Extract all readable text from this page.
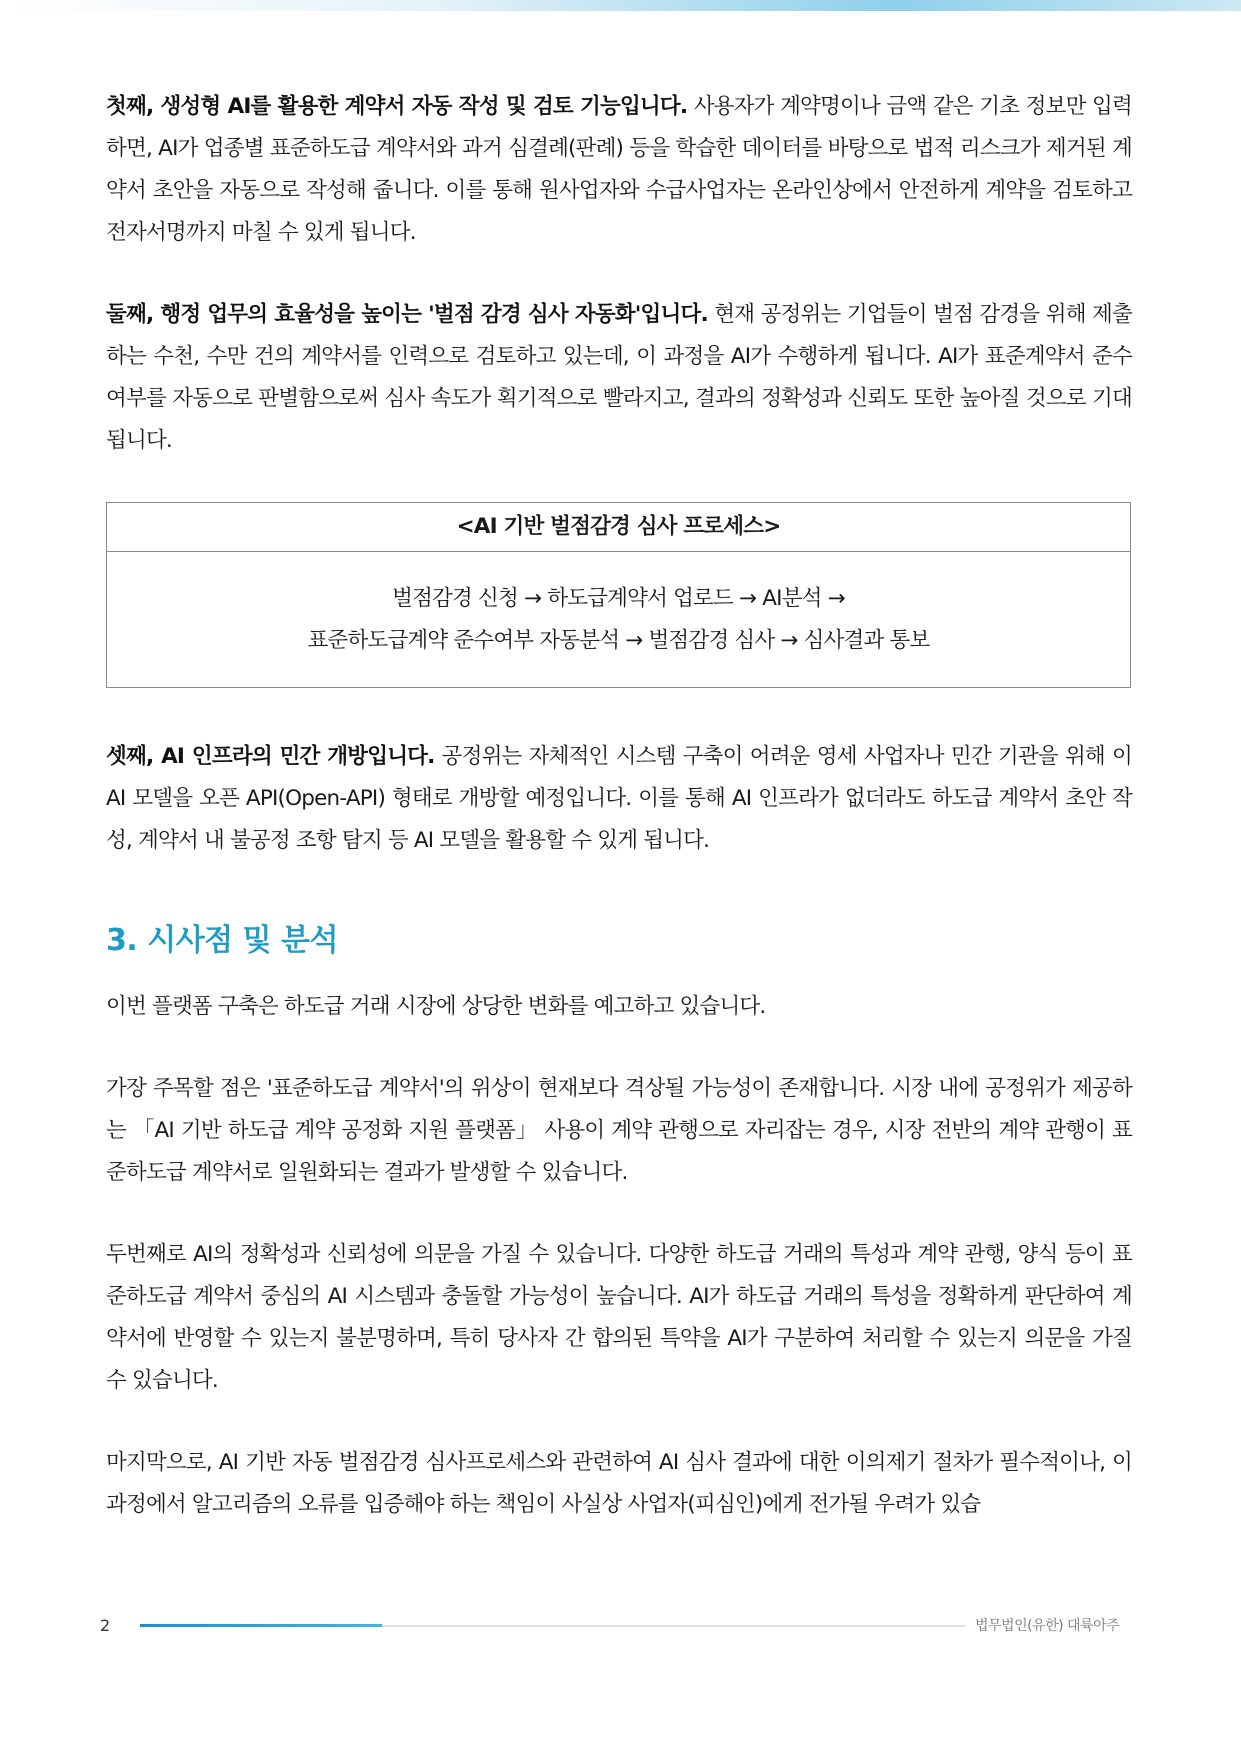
첫째, 생성형 AI를 활용한 계약서 자동 작성 및 검토 기능입니다. 사용자가 계약명이나 금액 같은 기초 정보만 입력하면, AI가 업종별 표준하도급 계약서와 과거 심결례(판례) 등을 학습한 데이터를 바탕으로 법적 리스크가 제거된 계약서 초안을 자동으로 작성해 줍니다. 이를 통해 원사업자와 수급사업자는 온라인상에서 안전하게 계약을 검토하고 전자서명까지 마칠 수 있게 됩니다.

둘째, 행정 업무의 효율성을 높이는 '벌점 감경 심사 자동화'입니다. 현재 공정위는 기업들이 벌점 감경을 위해 제출하는 수천, 수만 건의 계약서를 인력으로 검토하고 있는데, 이 과정을 AI가 수행하게 됩니다. AI가 표준계약서 준수 여부를 자동으로 판별함으로써 심사 속도가 획기적으로 빨라지고, 결과의 정확성과 신뢰도 또한 높아질 것으로 기대됩니다.

<AI 기반 벌점감경 심사 프로세스>
벌점감경 신청 → 하도급계약서 업로드 → AI분석 →
표준하도급계약 준수여부 자동분석 → 벌점감경 심사 → 심사결과 통보

셋째, AI 인프라의 민간 개방입니다. 공정위는 자체적인 시스템 구축이 어려운 영세 사업자나 민간 기관을 위해 이 AI 모델을 오픈 API(Open-API) 형태로 개방할 예정입니다. 이를 통해 AI 인프라가 없더라도 하도급 계약서 초안 작성, 계약서 내 불공정 조항 탐지 등 AI 모델을 활용할 수 있게 됩니다.

3. 시사점 및 분석

이번 플랫폼 구축은 하도급 거래 시장에 상당한 변화를 예고하고 있습니다.

가장 주목할 점은 '표준하도급 계약서'의 위상이 현재보다 격상될 가능성이 존재합니다. 시장 내에 공정위가 제공하는 「AI 기반 하도급 계약 공정화 지원 플랫폼」 사용이 계약 관행으로 자리잡는 경우, 시장 전반의 계약 관행이 표준하도급 계약서로 일원화되는 결과가 발생할 수 있습니다.

두번째로 AI의 정확성과 신뢰성에 의문을 가질 수 있습니다. 다양한 하도급 거래의 특성과 계약 관행, 양식 등이 표준하도급 계약서 중심의 AI 시스템과 충돌할 가능성이 높습니다. AI가 하도급 거래의 특성을 정확하게 판단하여 계약서에 반영할 수 있는지 불분명하며, 특히 당사자 간 합의된 특약을 AI가 구분하여 처리할 수 있는지 의문을 가질 수 있습니다.

마지막으로, AI 기반 자동 벌점감경 심사프로세스와 관련하여 AI 심사 결과에 대한 이의제기 절차가 필수적이나, 이 과정에서 알고리즘의 오류를 입증해야 하는 책임이 사실상 사업자(피심인)에게 전가될 우려가 있습

2	법무법인(유한) 대륙아주
